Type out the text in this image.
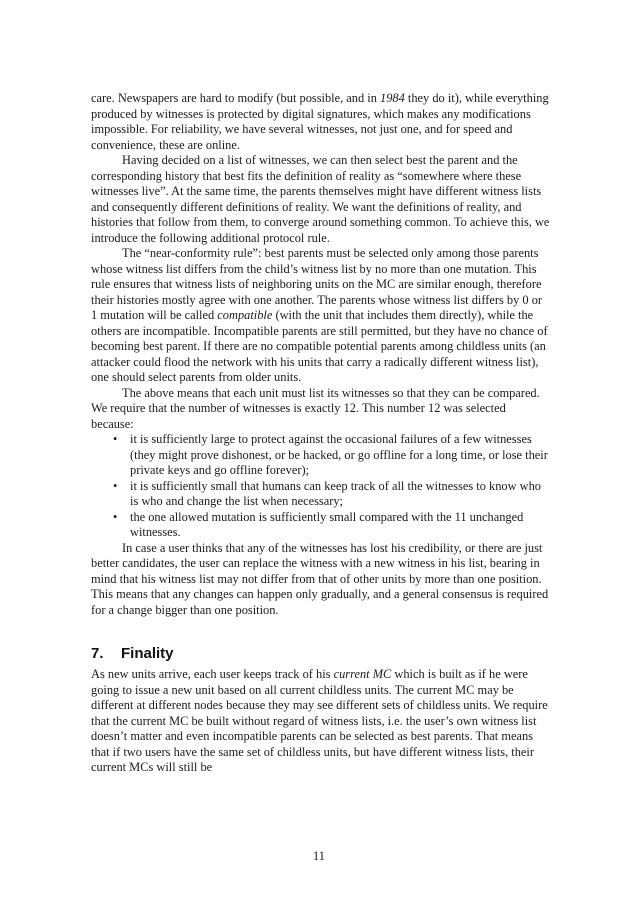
care. Newspapers are hard to modify (but possible, and in 1984 they do it), while everything produced by witnesses is protected by digital signatures, which makes any modifications impossible. For reliability, we have several witnesses, not just one, and for speed and convenience, these are online.

Having decided on a list of witnesses, we can then select best the parent and the corresponding history that best fits the definition of reality as “somewhere where these witnesses live”. At the same time, the parents themselves might have different witness lists and consequently different definitions of reality. We want the definitions of reality, and histories that follow from them, to converge around something common. To achieve this, we introduce the following additional protocol rule.

The “near-conformity rule”: best parents must be selected only among those parents whose witness list differs from the child’s witness list by no more than one mutation. This rule ensures that witness lists of neighboring units on the MC are similar enough, therefore their histories mostly agree with one another. The parents whose witness list differs by 0 or 1 mutation will be called compatible (with the unit that includes them directly), while the others are incompatible. Incompatible parents are still permitted, but they have no chance of becoming best parent. If there are no compatible potential parents among childless units (an attacker could flood the network with his units that carry a radically different witness list), one should select parents from older units.

The above means that each unit must list its witnesses so that they can be compared. We require that the number of witnesses is exactly 12. This number 12 was selected because:

• it is sufficiently large to protect against the occasional failures of a few witnesses (they might prove dishonest, or be hacked, or go offline for a long time, or lose their private keys and go offline forever);
• it is sufficiently small that humans can keep track of all the witnesses to know who is who and change the list when necessary;
• the one allowed mutation is sufficiently small compared with the 11 unchanged witnesses.

In case a user thinks that any of the witnesses has lost his credibility, or there are just better candidates, the user can replace the witness with a new witness in his list, bearing in mind that his witness list may not differ from that of other units by more than one position. This means that any changes can happen only gradually, and a general consensus is required for a change bigger than one position.

7. Finality

As new units arrive, each user keeps track of his current MC which is built as if he were going to issue a new unit based on all current childless units. The current MC may be different at different nodes because they may see different sets of childless units. We require that the current MC be built without regard of witness lists, i.e. the user’s own witness list doesn’t matter and even incompatible parents can be selected as best parents. That means that if two users have the same set of childless units, but have different witness lists, their current MCs will still be

11
